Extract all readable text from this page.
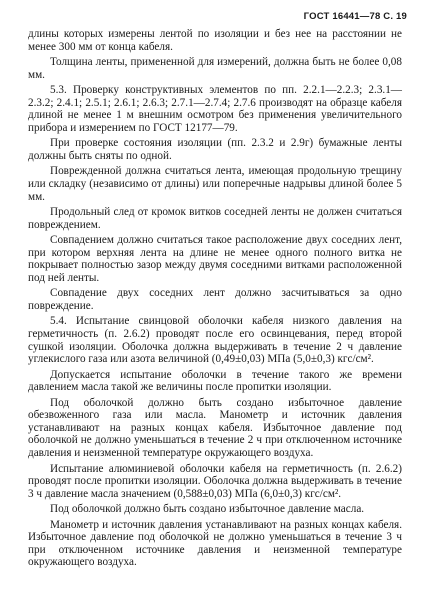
ГОСТ 16441—78 С. 19

длины которых измерены лентой по изоляции и без нее на расстоянии не менее 300 мм от конца кабеля.

Толщина ленты, примененной для измерений, должна быть не более 0,08 мм.

5.3. Проверку конструктивных элементов по пп. 2.2.1—2.2.3; 2.3.1—2.3.2; 2.4.1; 2.5.1; 2.6.1; 2.6.3; 2.7.1—2.7.4; 2.7.6 производят на образце кабеля длиной не менее 1 м внешним осмотром без применения увеличительного прибора и измерением по ГОСТ 12177—79.

При проверке состояния изоляции (пп. 2.3.2 и 2.9г) бумажные ленты должны быть сняты по одной.

Поврежденной должна считаться лента, имеющая продольную трещину или складку (независимо от длины) или поперечные надрывы длиной более 5 мм.

Продольный след от кромок витков соседней ленты не должен считаться повреждением.

Совпадением должно считаться такое расположение двух соседних лент, при котором верхняя лента на длине не менее одного полного витка не покрывает полностью зазор между двумя соседними витками расположенной под ней ленты.

Совпадение двух соседних лент должно засчитываться за одно повреждение.

5.4. Испытание свинцовой оболочки кабеля низкого давления на герметичность (п. 2.6.2) проводят после его освинцевания, перед второй сушкой изоляции. Оболочка должна выдерживать в течение 2 ч давление углекислого газа или азота величиной (0,49±0,03) МПа (5,0±0,3) кгс/см².

Допускается испытание оболочки в течение такого же времени давлением масла такой же величины после пропитки изоляции.

Под оболочкой должно быть создано избыточное давление обезвоженного газа или масла. Манометр и источник давления устанавливают на разных концах кабеля. Избыточное давление под оболочкой не должно уменьшаться в течение 2 ч при отключенном источнике давления и неизменной температуре окружающего воздуха.

Испытание алюминиевой оболочки кабеля на герметичность (п. 2.6.2) проводят после пропитки изоляции. Оболочка должна выдерживать в течение 3 ч давление масла значением (0,588±0,03) МПа (6,0±0,3) кгс/см².

Под оболочкой должно быть создано избыточное давление масла.

Манометр и источник давления устанавливают на разных концах кабеля. Избыточное давление под оболочкой не должно уменьшаться в течение 3 ч при отключенном источнике давления и неизменной температуре окружающего воздуха.
